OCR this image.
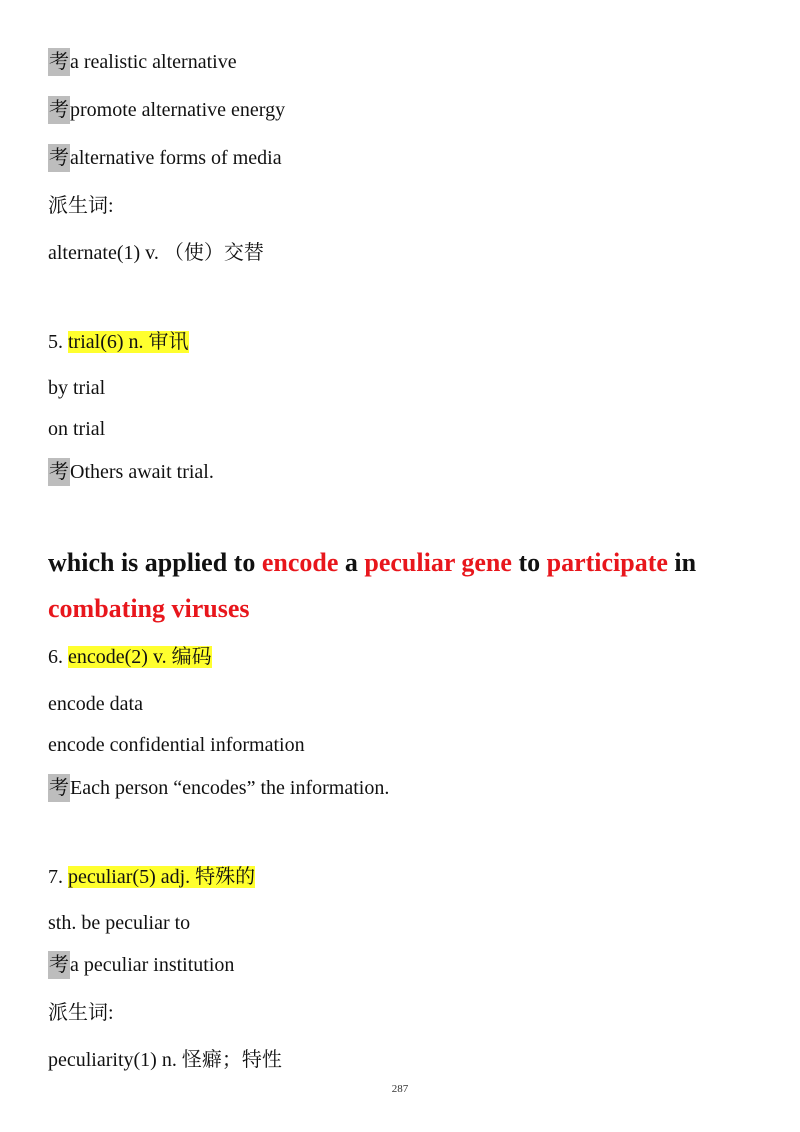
考a realistic alternative
考promote alternative energy
考alternative forms of media
派生词:
alternate(1) v. （使）交替
5. trial(6) n. 审讯
by trial
on trial
考Others await trial.
which is applied to encode a peculiar gene to participate in
combating viruses
6. encode(2) v. 编码
encode data
encode confidential information
考Each person “encodes” the information.
7. peculiar(5) adj. 特殊的
sth. be peculiar to
考a peculiar institution
派生词:
peculiarity(1) n. 怪癖；特性
287
